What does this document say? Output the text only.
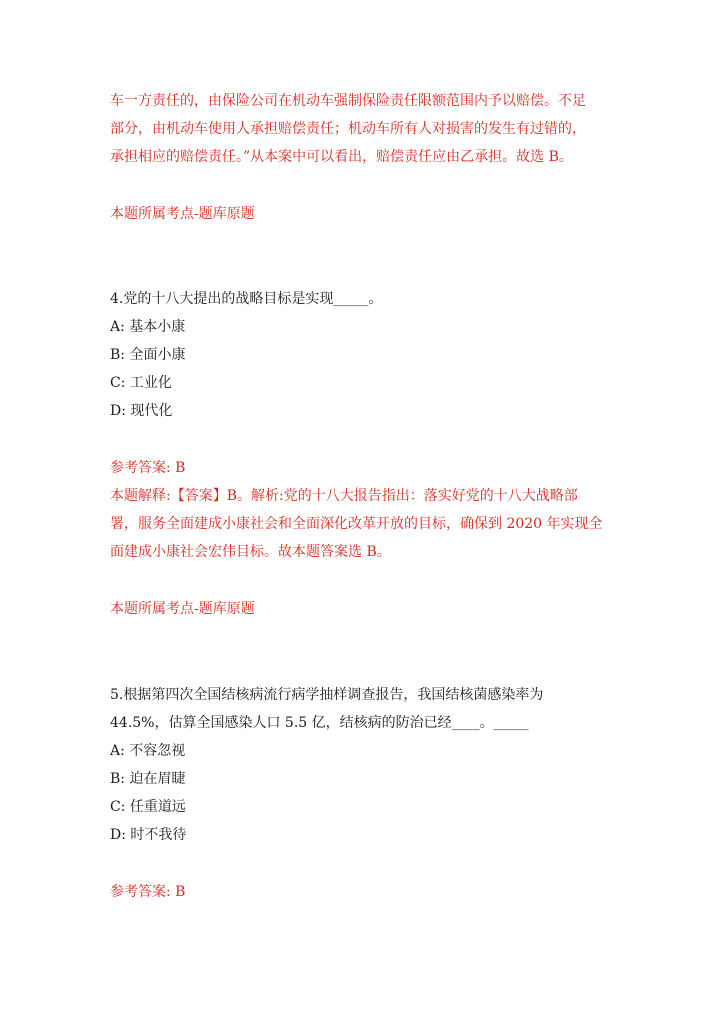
车一方责任的，由保险公司在机动车强制保险责任限额范围内予以赔偿。不足
部分，由机动车使用人承担赔偿责任；机动车所有人对损害的发生有过错的，
承担相应的赔偿责任。”从本案中可以看出，赔偿责任应由乙承担。故选 B。
本题所属考点-题库原题
4.党的十八大提出的战略目标是实现_____。
A: 基本小康
B: 全面小康
C: 工业化
D: 现代化
参考答案: B
本题解释:【答案】B。解析:党的十八大报告指出：落实好党的十八大战略部
署，服务全面建成小康社会和全面深化改革开放的目标，确保到 2020 年实现全
面建成小康社会宏伟目标。故本题答案选 B。
本题所属考点-题库原题
5.根据第四次全国结核病流行病学抽样调查报告，我国结核菌感染率为
44.5%，估算全国感染人口 5.5 亿，结核病的防治已经____。_____
A: 不容忽视
B: 迫在眉睫
C: 任重道远
D: 时不我待
参考答案: B
